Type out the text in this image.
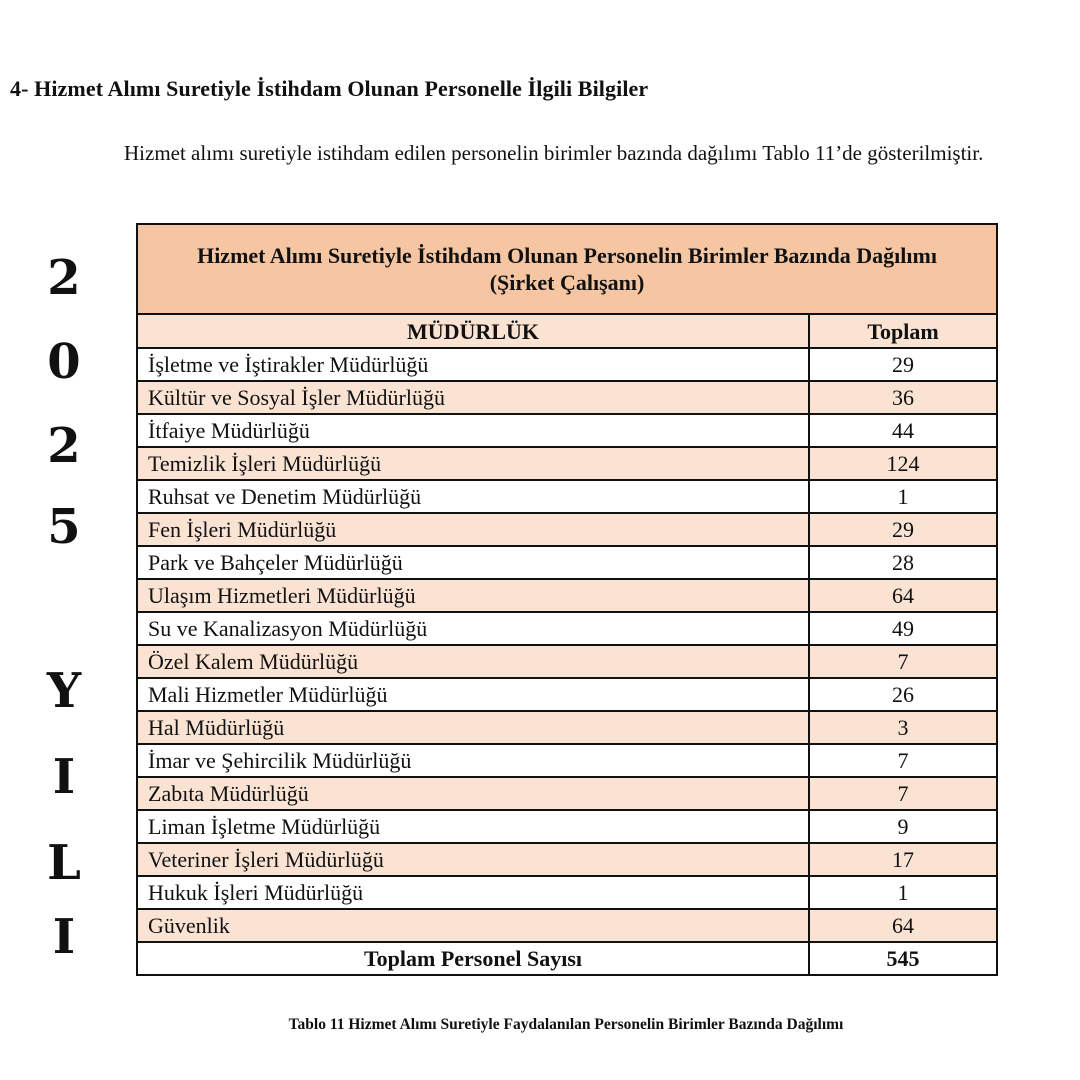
4- Hizmet Alımı Suretiyle İstihdam Olunan Personelle İlgili Bilgiler
Hizmet alımı suretiyle istihdam edilen personelin birimler bazında dağılımı Tablo 11’de gösterilmiştir.
2
0
2
5
Y
I
L
I
Hizmet Alımı Suretiyle İstihdam Olunan Personelin Birimler Bazında Dağılımı (Şirket Çalışanı)	
MÜDÜRLÜK	Toplam
İşletme ve İştirakler Müdürlüğü	29
Kültür ve Sosyal İşler Müdürlüğü	36
İtfaiye Müdürlüğü	44
Temizlik İşleri Müdürlüğü	124
Ruhsat ve Denetim Müdürlüğü	1
Fen İşleri Müdürlüğü	29
Park ve Bahçeler Müdürlüğü	28
Ulaşım Hizmetleri Müdürlüğü	64
Su ve Kanalizasyon Müdürlüğü	49
Özel Kalem Müdürlüğü	7
Mali Hizmetler Müdürlüğü	26
Hal Müdürlüğü	3
İmar ve Şehircilik Müdürlüğü	7
Zabıta Müdürlüğü	7
Liman İşletme Müdürlüğü	9
Veteriner İşleri Müdürlüğü	17
Hukuk İşleri Müdürlüğü	1
Güvenlik	64
Toplam Personel Sayısı	545
Tablo 11 Hizmet Alımı Suretiyle Faydalanılan Personelin Birimler Bazında Dağılımı
